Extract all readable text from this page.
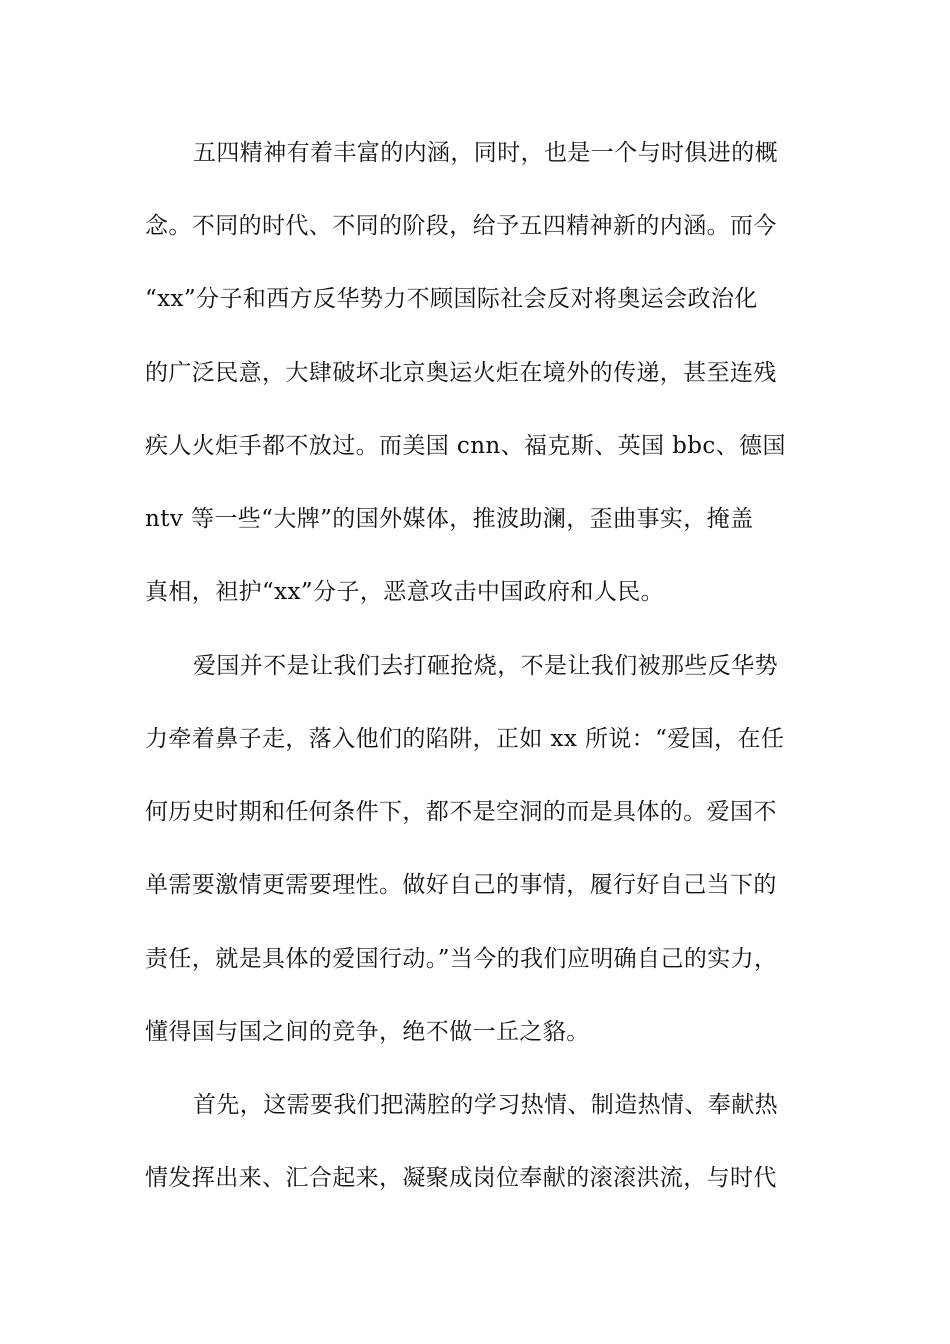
五四精神有着丰富的内涵，同时，也是一个与时俱进的概
念。不同的时代、不同的阶段，给予五四精神新的内涵。而今
“xx”分子和西方反华势力不顾国际社会反对将奥运会政治化
的广泛民意，大肆破坏北京奥运火炬在境外的传递，甚至连残
疾人火炬手都不放过。而美国 cnn、福克斯、英国 bbc、德国
ntv 等一些“大牌”的国外媒体，推波助澜，歪曲事实，掩盖
真相，袒护“xx”分子，恶意攻击中国政府和人民。
爱国并不是让我们去打砸抢烧，不是让我们被那些反华势
力牵着鼻子走，落入他们的陷阱，正如 xx 所说：“爱国，在任
何历史时期和任何条件下，都不是空洞的而是具体的。爱国不
单需要激情更需要理性。做好自己的事情，履行好自己当下的
责任，就是具体的爱国行动。”当今的我们应明确自己的实力，
懂得国与国之间的竞争，绝不做一丘之貉。
首先，这需要我们把满腔的学习热情、制造热情、奉献热
情发挥出来、汇合起来，凝聚成岗位奉献的滚滚洪流，与时代
